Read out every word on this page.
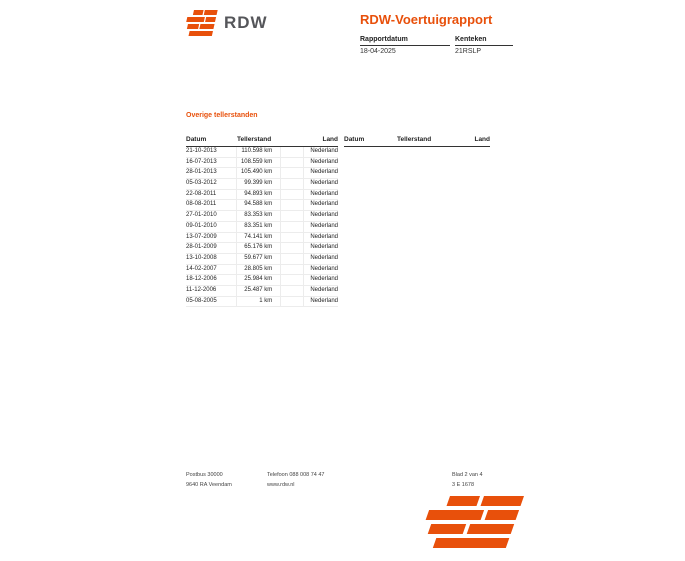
RDW	RDW-Voertuigrapport
Rapportdatum
18-04-2025
Kenteken
21RSLP
Overige tellerstanden
Datum	Tellerstand	Land
21-10-2013	110.598 km	Nederland
16-07-2013	108.559 km	Nederland
28-01-2013	105.490 km	Nederland
05-03-2012	99.399 km	Nederland
22-08-2011	94.893 km	Nederland
08-08-2011	94.588 km	Nederland
27-01-2010	83.353 km	Nederland
09-01-2010	83.351 km	Nederland
13-07-2009	74.141 km	Nederland
28-01-2009	65.176 km	Nederland
13-10-2008	59.677 km	Nederland
14-02-2007	28.805 km	Nederland
18-12-2006	25.984 km	Nederland
11-12-2006	25.487 km	Nederland
05-08-2005	1 km	Nederland
Datum	Tellerstand	Land
Postbus 30000
9640 RA Veendam
Telefoon 088 008 74 47
www.rdw.nl
Blad 2 van 4
3 E 1678
